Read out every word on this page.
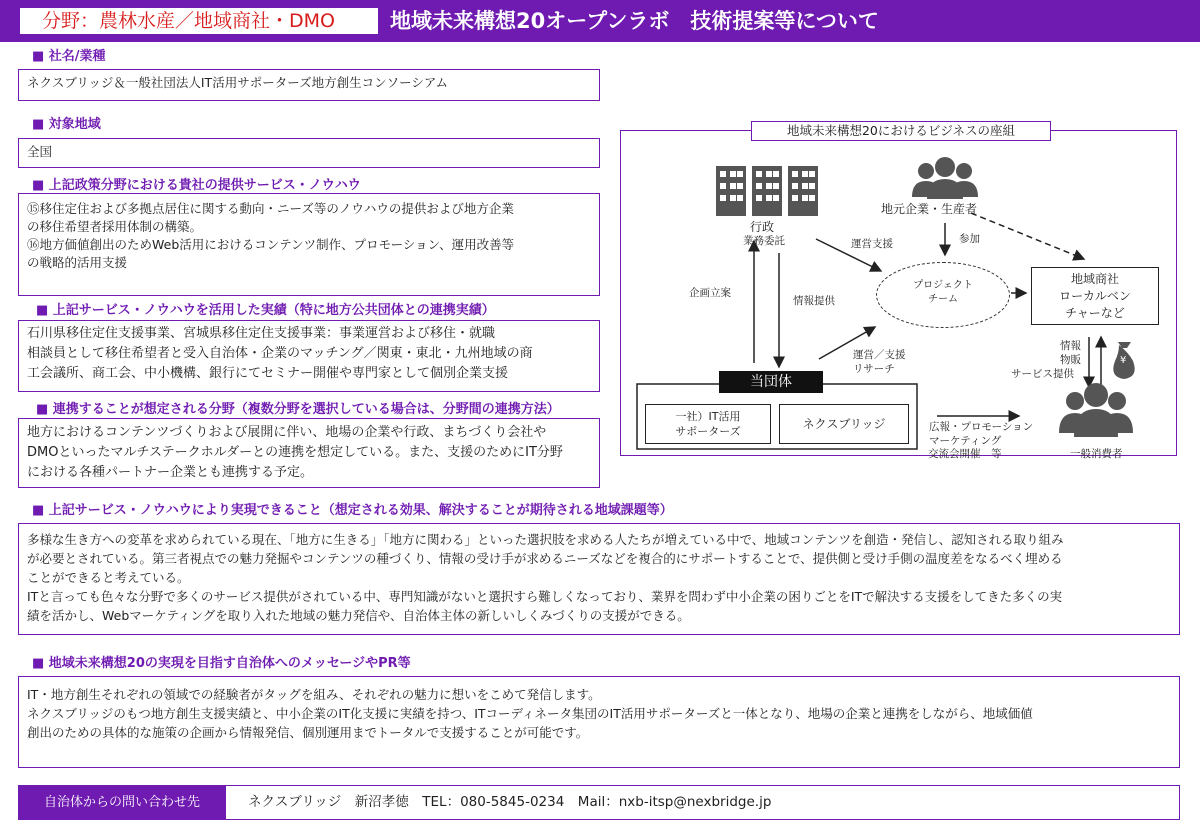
分野：農林水産／地域商社・DMO	地域未来構想20オープンラボ　技術提案等について
■ 社名/業種

ネクスブリッジ＆一般社団法人IT活用サポーターズ地方創生コンソーシアム

■ 対象地域

全国

■ 上記政策分野における貴社の提供サービス・ノウハウ

⑮移住定住および多拠点居住に関する動向・ニーズ等のノウハウの提供および地方企業

の移住希望者採用体制の構築。

⑯地方価値創出のためWeb活用におけるコンテンツ制作、プロモーション、運用改善等

の戦略的活用支援

■ 上記サービス・ノウハウを活用した実績（特に地方公共団体との連携実績）

石川県移住定住支援事業、宮城県移住定住支援事業：事業運営および移住・就職

相談員として移住希望者と受入自治体・企業のマッチング／関東・東北・九州地域の商

工会議所、商工会、中小機構、銀行にてセミナー開催や専門家として個別企業支援

■ 連携することが想定される分野（複数分野を選択している場合は、分野間の連携方法）

地方におけるコンテンツづくりおよび展開に伴い、地場の企業や行政、まちづくり会社や

DMOといったマルチステークホルダーとの連携を想定している。また、支援のためにIT分野

における各種パートナー企業とも連携する予定。

行政
業務委託
地元企業・生産者
運営支援	参加
企画立案
情報提供
地域商社
ローカルベン
チャーなど
情報
物販
サービス提供
¥
運営／支援
リサーチ
一社）IT活用
サポーターズ
ネクスブリッジ	広報・プロモーション
マーケティング
交流会開催　等	一般消費者
プロジェクト
チーム
当団体
地域未来構想20におけるビジネスの座組
■ 上記サービス・ノウハウにより実現できること（想定される効果、解決することが期待される地域課題等）

多様な生き方への変革を求められている現在、「地方に生きる」「地方に関わる」といった選択肢を求める人たちが増えている中で、地域コンテンツを創造・発信し、認知される取り組み

が必要とされている。第三者視点での魅力発掘やコンテンツの種づくり、情報の受け手が求めるニーズなどを複合的にサポートすることで、提供側と受け手側の温度差をなるべく埋める

ことができると考えている。

ITと言っても色々な分野で多くのサービス提供がされている中、専門知識がないと選択すら難しくなっており、業界を問わず中小企業の困りごとをITで解決する支援をしてきた多くの実

績を活かし、Webマーケティングを取り入れた地域の魅力発信や、自治体主体の新しいしくみづくりの支援ができる。

■ 地域未来構想20の実現を目指す自治体へのメッセージやPR等

IT・地方創生それぞれの領域での経験者がタッグを組み、それぞれの魅力に想いをこめて発信します。

ネクスブリッジのもつ地方創生支援実績と、中小企業のIT化支援に実績を持つ、ITコーディネータ集団のIT活用サポーターズと一体となり、地場の企業と連携をしながら、地域価値

創出のための具体的な施策の企画から情報発信、個別運用までトータルで支援することが可能です。

自治体からの問い合わせ先	ネクスブリッジ　新沼孝徳　TEL：080-5845-0234　Mail：nxb-itsp@nexbridge.jp
